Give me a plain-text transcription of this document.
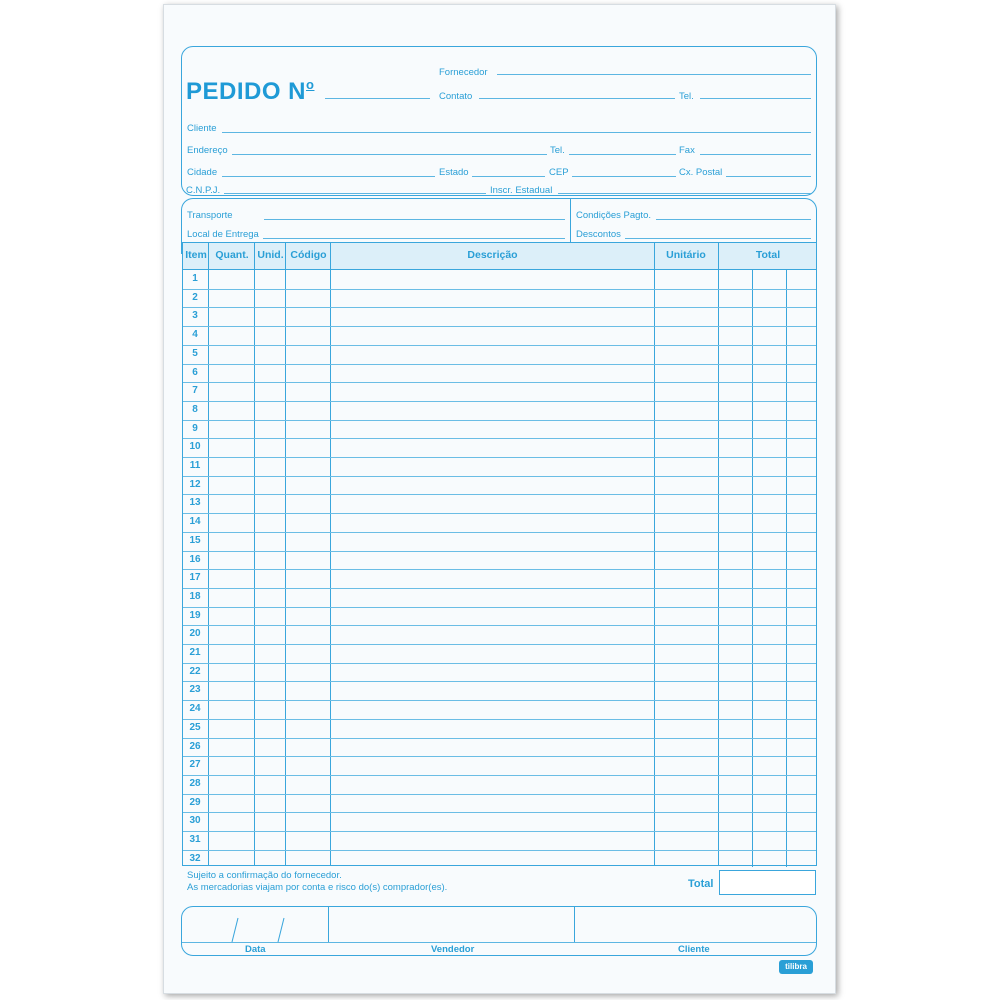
PEDIDO $N^o$
Fornecedor
Contato	Tel.
Cliente
Endereço	Tel.	Fax
Cidade	Estado	CEP	Cx. Postal
C.N.P.J.	Inscr. Estadual
Transporte
Local de Entrega
Condições Pagto.
Descontos
Item Quant. Unid. Código	Descrição	Unitário	Total
1
2
3
4
5
6
7
8
9
10
11
12
13
14
15
16
17
18
19
20
21
22
23
24
25
26
27
28
29
30
31
32
Sujeito a confirmação do fornecedor.
As mercadorias viajam por conta e risco do(s) comprador(es).	Total
Data	Vendedor	Cliente
tilibra
